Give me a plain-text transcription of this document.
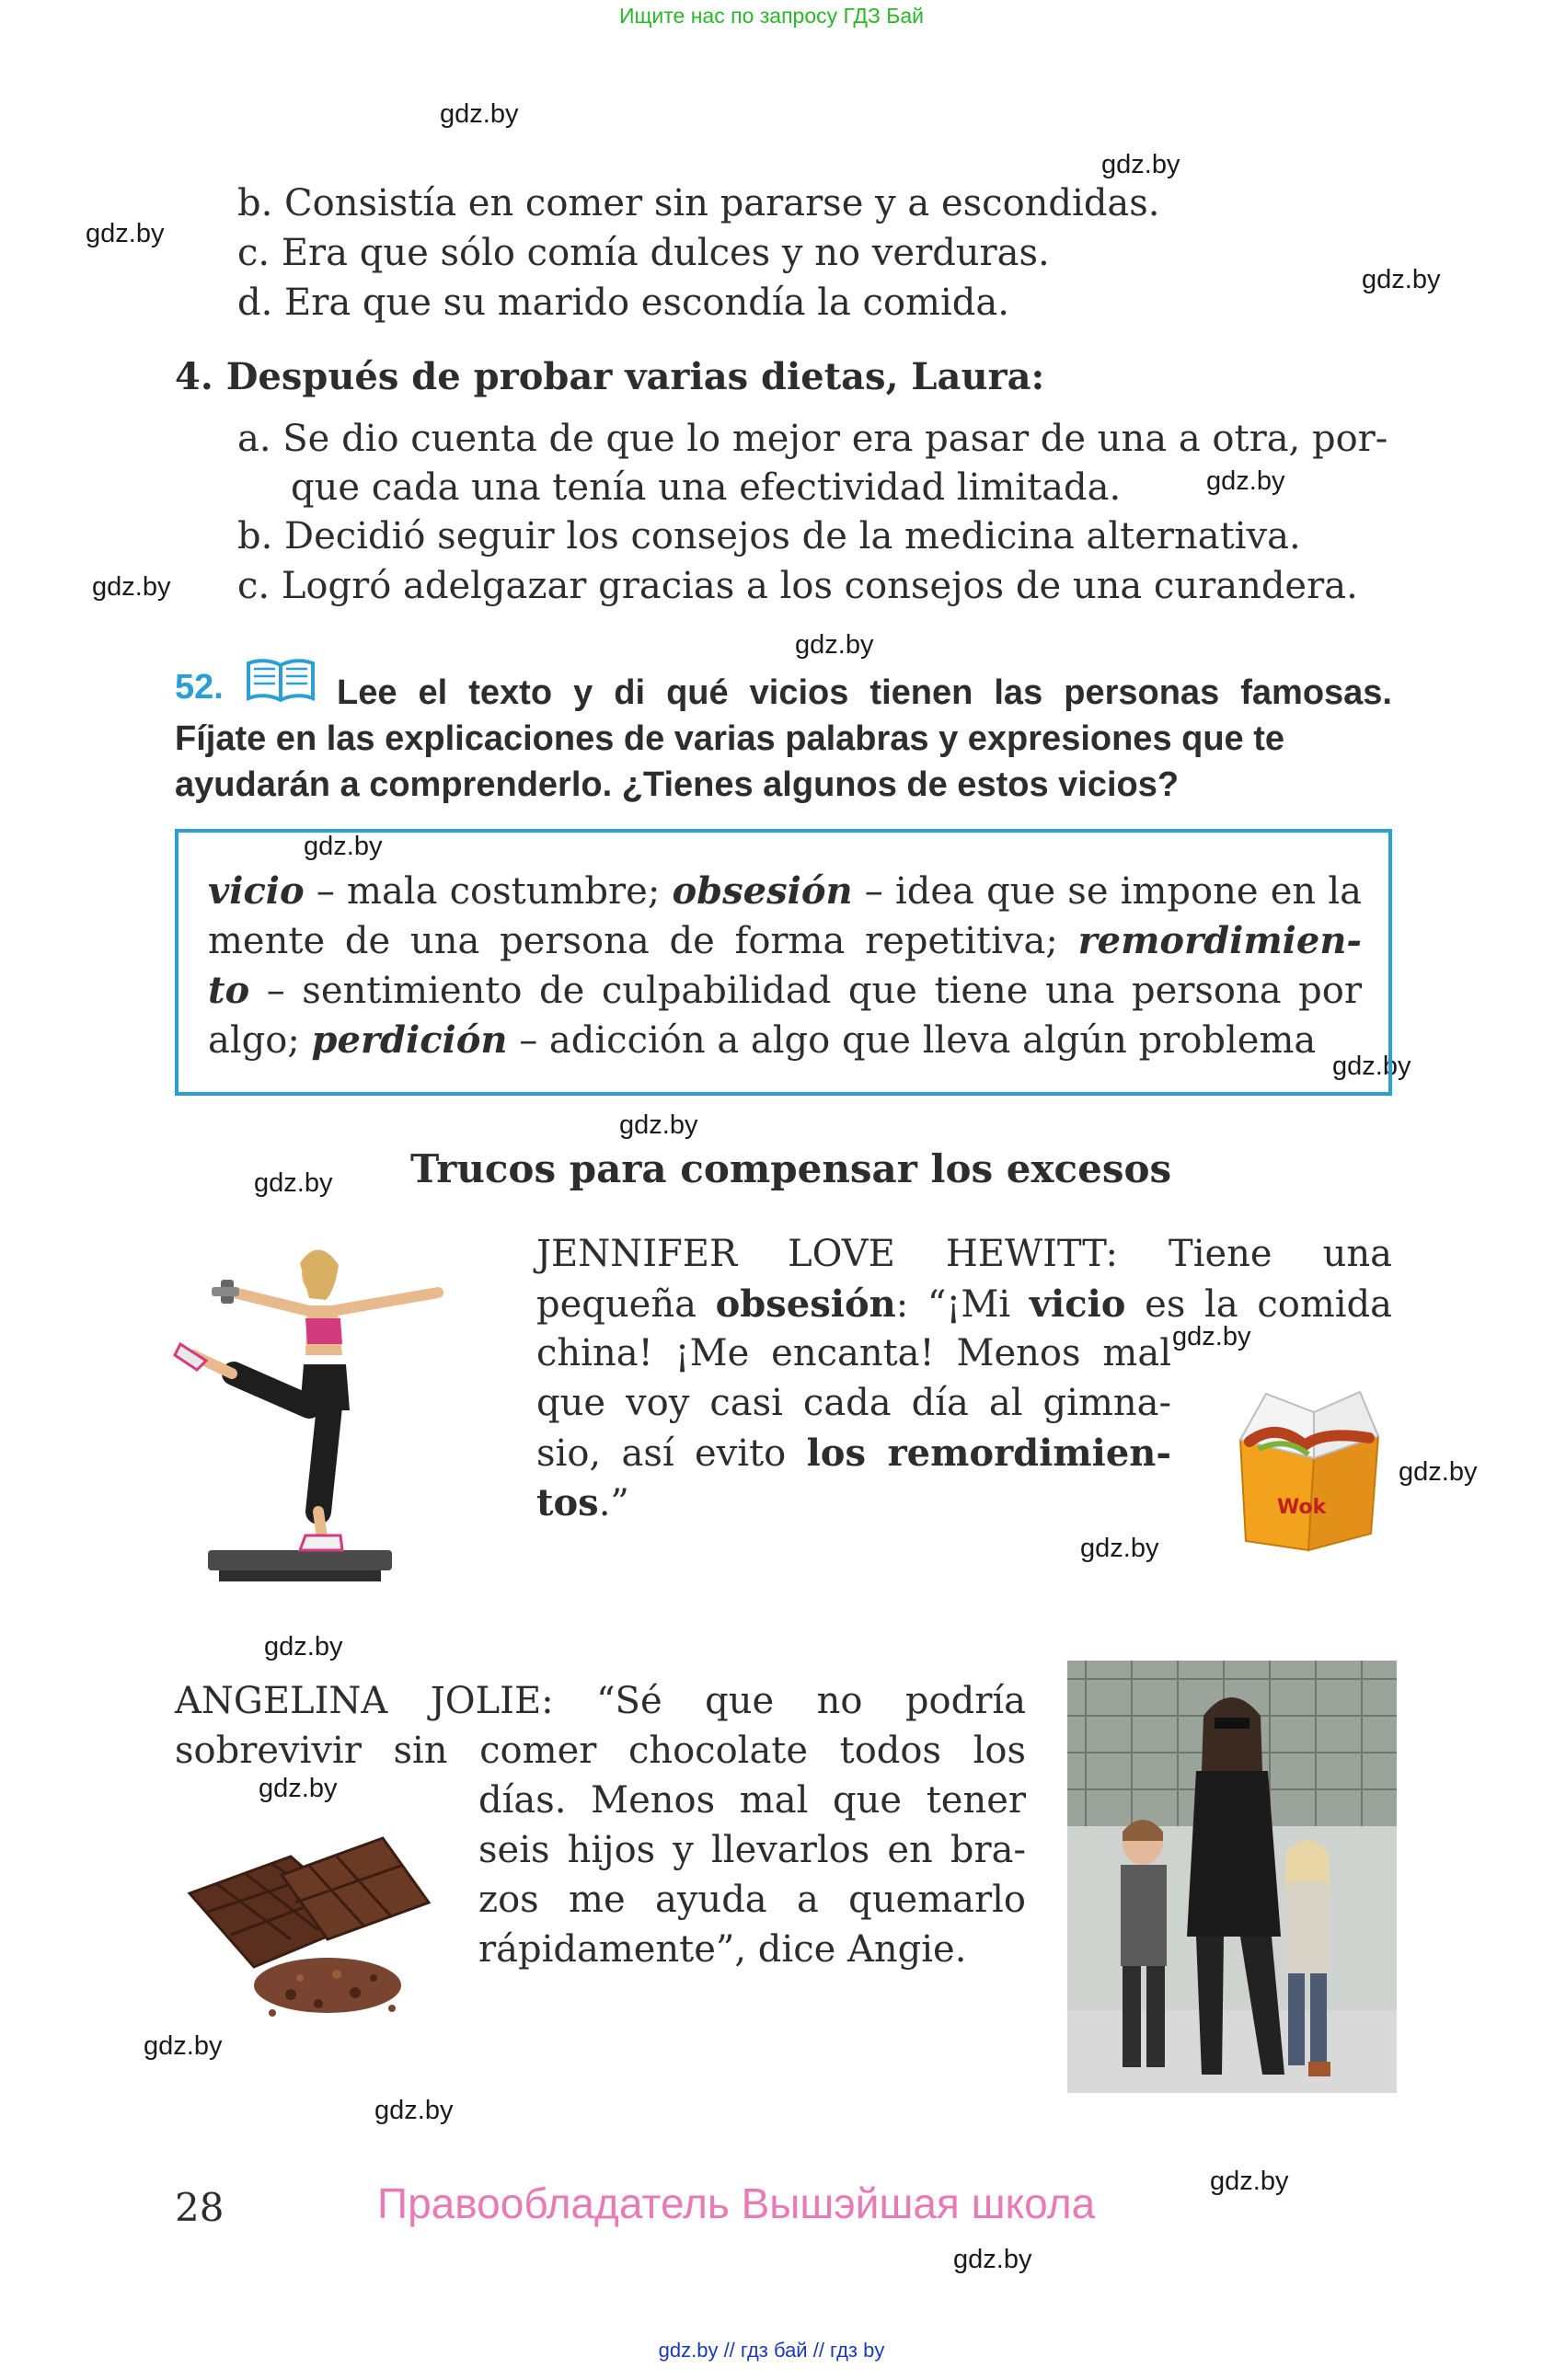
Ищите нас по запросу ГДЗ Бай
gdz.by
gdz.by
gdz.by
gdz.by
gdz.by
gdz.by
gdz.by
gdz.by
gdz.by
gdz.by
gdz.by
gdz.by
gdz.by
gdz.by
gdz.by
gdz.by
gdz.by
gdz.by
gdz.by
gdz.by
b. Consistía en comer sin pararse y a escondidas.
c. Era que sólo comía dulces y no verduras.
d. Era que su marido escondía la comida.
4. Después de probar varias dietas, Laura:
a. Se dio cuenta de que lo mejor era pasar de una a otra, por-
que cada una tenía una efectividad limitada.
b. Decidió seguir los consejos de la medicina alternativa.
c. Logró adelgazar gracias a los consejos de una curandera.
52.	Lee el texto y di qué vicios tienen las personas famosas.
Fíjate en las explicaciones de varias palabras y expresiones que te
ayudarán a comprenderlo. ¿Tienes algunos de estos vicios?
vicio – mala costumbre; obsesión – idea que se impone en la
mente de una persona de forma repetitiva; remordimien-
to – sentimiento de culpabilidad que tiene una persona por
algo; perdición – adicción a algo que lleva algún problema
Trucos para compensar los excesos
JENNIFER LOVE HEWITT: Tiene una
pequeña obsesión: “¡Mi vicio es la comida
china! ¡Me encanta! Menos mal
que voy casi cada día al gimna-
sio, así evito los remordimien-
tos.”	Wok
ANGELINA JOLIE: “Sé que no podría
sobrevivir sin comer chocolate todos los
días. Menos mal que tener
seis hijos y llevarlos en bra-
zos me ayuda a quemarlo
rápidamente”, dice Angie.
28	Правообладатель Вышэйшая школа
gdz.by // гдз бай // гдз by
